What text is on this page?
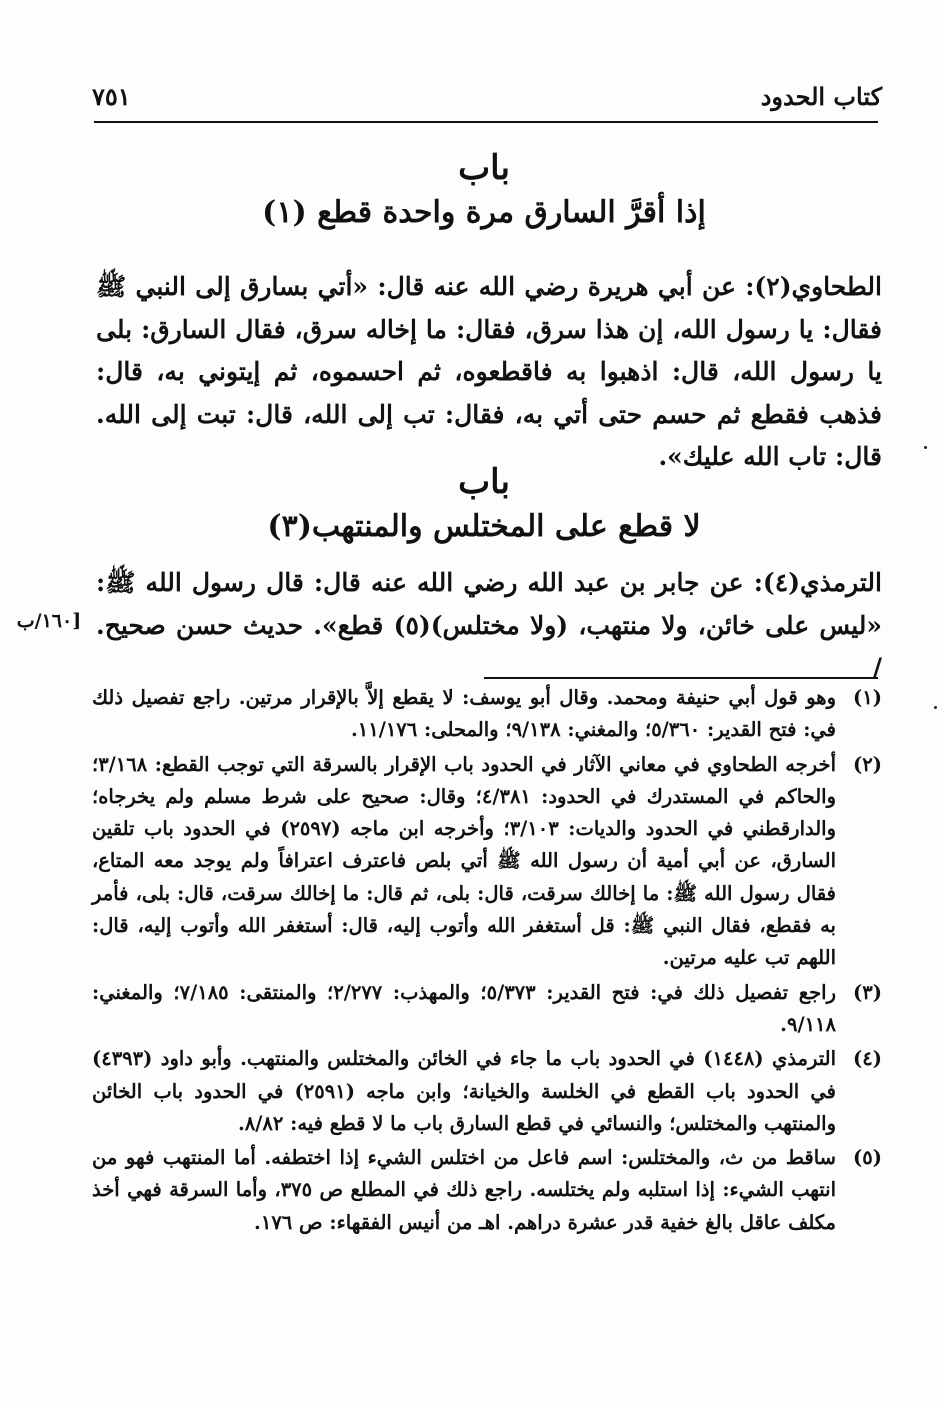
كتاب الحدود
٧٥١
باب
إذا أقرَّ السارق مرة واحدة قطع (١)
الطحاوي(٢): عن أبي هريرة رضي الله عنه قال: «أتي بسارق إلى النبي ﷺ فقال: يا رسول الله، إن هذا سرق، فقال: ما إخاله سرق، فقال السارق: بلى يا رسول الله، قال: اذهبوا به فاقطعوه، ثم احسموه، ثم إيتوني به، قال: فذهب فقطع ثم حسم حتى أتي به، فقال: تب إلى الله، قال: تبت إلى الله. قال: تاب الله عليك».
باب
لا قطع على المختلس والمنتهب(٣)
الترمذي(٤): عن جابر بن عبد الله رضي الله عنه قال: قال رسول الله ﷺ: «ليس على خائن، ولا منتهب، (ولا مختلس)(٥) قطع». حديث حسن صحيح. /
[١٦٠/ب
(١)
وهو قول أبي حنيفة ومحمد. وقال أبو يوسف: لا يقطع إلاَّ بالإقرار مرتين. راجع تفصيل ذلك في: فتح القدير: ٥/٣٦٠؛ والمغني: ٩/١٣٨؛ والمحلى: ١١/١٧٦.
(٢)
أخرجه الطحاوي في معاني الآثار في الحدود باب الإقرار بالسرقة التي توجب القطع: ٣/١٦٨؛ والحاكم في المستدرك في الحدود: ٤/٣٨١؛ وقال: صحيح على شرط مسلم ولم يخرجاه؛ والدارقطني في الحدود والديات: ٣/١٠٣؛ وأخرجه ابن ماجه (٢٥٩٧) في الحدود باب تلقين السارق، عن أبي أمية أن رسول الله ﷺ أتي بلص فاعترف اعترافاً ولم يوجد معه المتاع، فقال رسول الله ﷺ: ما إخالك سرقت، قال: بلى، ثم قال: ما إخالك سرقت، قال: بلى، فأمر به فقطع، فقال النبي ﷺ: قل أستغفر الله وأتوب إليه، قال: أستغفر الله وأتوب إليه، قال: اللهم تب عليه مرتين.
(٣)
راجع تفصيل ذلك في: فتح القدير: ٥/٣٧٣؛ والمهذب: ٢/٢٧٧؛ والمنتقى: ٧/١٨٥؛ والمغني: ٩/١١٨.
(٤)
الترمذي (١٤٤٨) في الحدود باب ما جاء في الخائن والمختلس والمنتهب. وأبو داود (٤٣٩٣) في الحدود باب القطع في الخلسة والخيانة؛ وابن ماجه (٢٥٩١) في الحدود باب الخائن والمنتهب والمختلس؛ والنسائي في قطع السارق باب ما لا قطع فيه: ٨/٨٢.
(٥)
ساقط من ث، والمختلس: اسم فاعل من اختلس الشيء إذا اختطفه. أما المنتهب فهو من انتهب الشيء: إذا استلبه ولم يختلسه. راجع ذلك في المطلع ص ٣٧٥، وأما السرقة فهي أخذ مكلف عاقل بالغ خفية قدر عشرة دراهم. اهـ من أنيس الفقهاء: ص ١٧٦.
